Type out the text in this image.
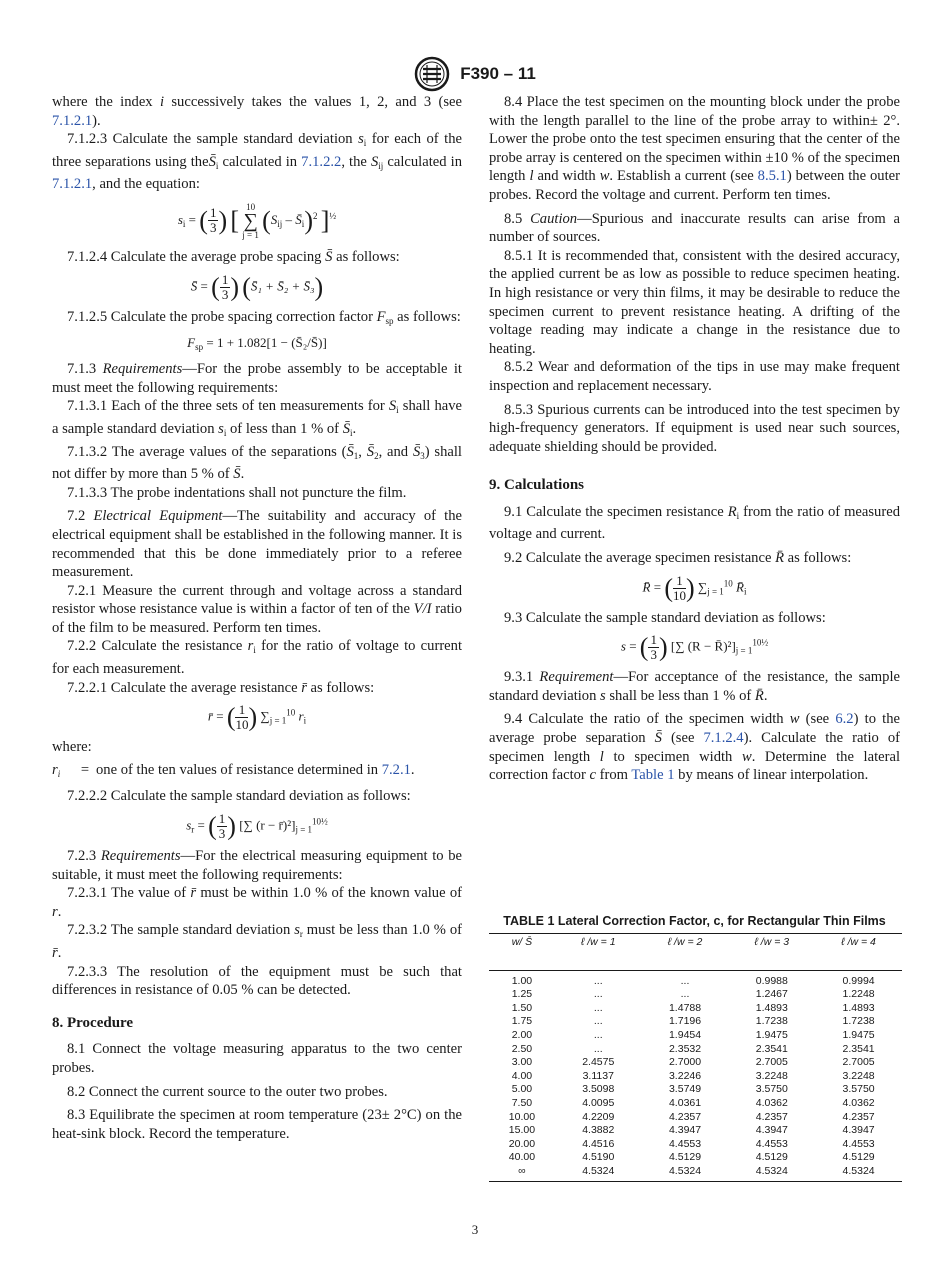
F390 – 11

where the index i successively takes the values 1, 2, and 3 (see 7.1.2.1).

7.1.2.3 Calculate the sample standard deviation $s_i$ for each of the three separations using $theS̄_i$ calculated in 7.1.2.2, the $S_{ij}$ calculated in 7.1.2.1, and the equation:

$s_i$ = ( $\frac{1}{3}$ ) [ 10
∑
j = 1 ($S_{ij}$ – $S̄_i)^2$ ]$^{\frac{1}{2}}$

7.1.2.4 Calculate the average probe spacing S̄ as follows:

S̄ = ( $\frac{1}{3}$ ) (S̄₁ + S̄₂ + S̄₃)

7.1.2.5 Calculate the probe spacing correction factor $F_{sp}$ as follows:

$F_{sp} = 1 + 1.082[1$ − (S̄₂/S̄)]

7.1.3 Requirements—For the probe assembly to be acceptable it must meet the following requirements:

7.1.3.1 Each of the three sets of ten measurements for $S_i$ shall have a sample standard deviation $s_i$ of less than 1 % of $S̄_i$.

7.1.3.2 The average values of the separations ($S̄_1$, $S̄_2$, and $S̄_3$) shall not differ by more than 5 % of S̄.

7.1.3.3 The probe indentations shall not puncture the film.

7.2 Electrical Equipment—The suitability and accuracy of the electrical equipment shall be established in the following manner. It is recommended that this be done immediately prior to a referee measurement.

7.2.1 Measure the current through and voltage across a standard resistor whose resistance value is within a factor of ten of the V/I ratio of the film to be measured. Perform ten times.

7.2.2 Calculate the resistance $r_i$ for the ratio of voltage to current for each measurement.

7.2.2.1 Calculate the average resistance r̄ as follows:

r̄ = ( $\frac{1}{10}$ ) $\sum_{j = 1}^{10}$ $r_i$

where:

$r_i$	= one of the ten values of resistance determined in 7.2.1.

7.2.2.2 Calculate the sample standard deviation as follows:

$s_r$ = ( $\frac{1}{3}$ ) [∑ $(r - r̄)^2]_{j = 1}^{10\frac{1}{2}}$

7.2.3 Requirements—For the electrical measuring equipment to be suitable, it must meet the following requirements:

7.2.3.1 The value of r̄ must be within 1.0 % of the known value of r.

7.2.3.2 The sample standard deviation $s_r$ must be less than 1.0 % of r̄.

7.2.3.3 The resolution of the equipment must be such that differences in resistance of 0.05 % can be detected.

8. Procedure

8.1 Connect the voltage measuring apparatus to the two center probes.

8.2 Connect the current source to the outer two probes.

8.3 Equilibrate the specimen at room temperature (23± 2°C) on the heat-sink block. Record the temperature.

8.4 Place the test specimen on the mounting block under the probe with the length parallel to the line of the probe array to within± 2°. Lower the probe onto the test specimen ensuring that the center of the probe array is centered on the specimen within ±10 % of the specimen length l and width w. Establish a current (see 8.5.1) between the outer probes. Record the voltage and current. Perform ten times.

8.5 Caution—Spurious and inaccurate results can arise from a number of sources.

8.5.1 It is recommended that, consistent with the desired accuracy, the applied current be as low as possible to reduce specimen heating. In high resistance or very thin films, it may be desirable to reduce the specimen current to prevent resistance heating. A drifting of the voltage reading may indicate a change in the resistance due to heating.

8.5.2 Wear and deformation of the tips in use may make frequent inspection and replacement necessary.

8.5.3 Spurious currents can be introduced into the test specimen by high-frequency generators. If equipment is used near such sources, adequate shielding should be provided.

9. Calculations

9.1 Calculate the specimen resistance $R_i$ from the ratio of measured voltage and current.

9.2 Calculate the average specimen resistance R̄ as follows:

R̄ = ( $\frac{1}{10}$ ) $\sum_{j = 1}^{10}$ $R̄_i$

9.3 Calculate the sample standard deviation as follows:

s = ( $\frac{1}{3}$ ) [∑ $(R - R̄)^2]_{j = 1}^{10\frac{1}{2}}$

9.3.1 Requirement—For acceptance of the resistance, the sample standard deviation s shall be less than 1 % of R̄.

9.4 Calculate the ratio of the specimen width w (see 6.2) to the average probe separation S̄ (see 7.1.2.4). Calculate the ratio of specimen length l to specimen width w. Determine the lateral correction factor c from Table 1 by means of linear interpolation.

TABLE 1 Lateral Correction Factor, c, for Rectangular Thin Films
w/ S̄	ℓ /w = 1	ℓ /w = 2	ℓ /w = 3	ℓ /w = 4
1.00	...	...	0.9988	0.9994
1.25	...	...	1.2467	1.2248
1.50	...	1.4788	1.4893	1.4893
1.75	...	1.7196	1.7238	1.7238
2.00	...	1.9454	1.9475	1.9475
2.50	...	2.3532	2.3541	2.3541
3.00	2.4575	2.7000	2.7005	2.7005
4.00	3.1137	3.2246	3.2248	3.2248
5.00	3.5098	3.5749	3.5750	3.5750
7.50	4.0095	4.0361	4.0362	4.0362
10.00	4.2209	4.2357	4.2357	4.2357
15.00	4.3882	4.3947	4.3947	4.3947
20.00	4.4516	4.4553	4.4553	4.4553
40.00	4.5190	4.5129	4.5129	4.5129
∞	4.5324	4.5324	4.5324	4.5324
3
